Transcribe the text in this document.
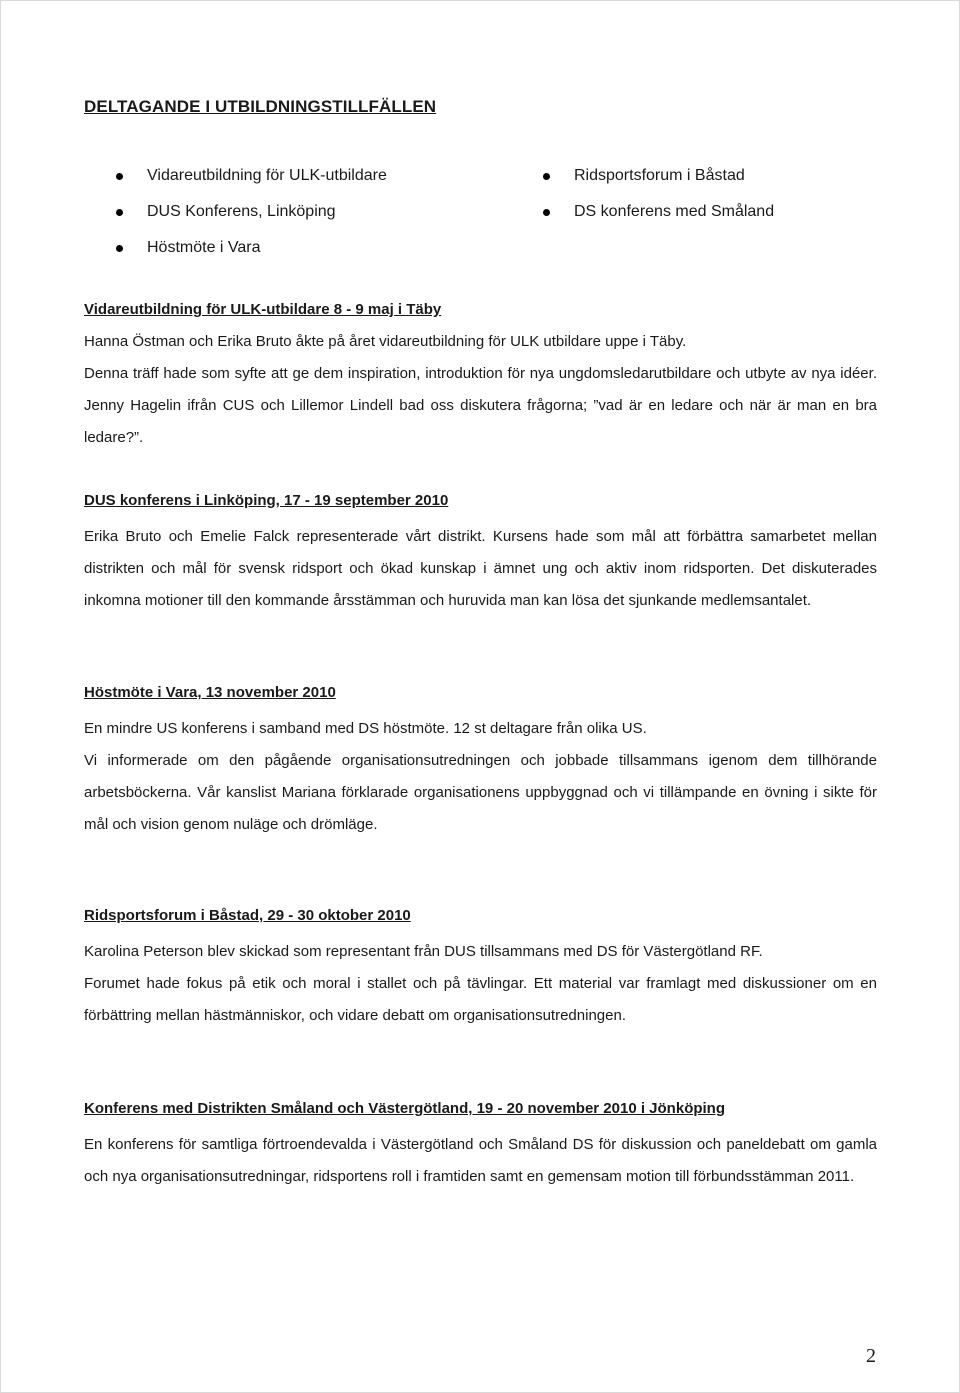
DELTAGANDE I UTBILDNINGSTILLFÄLLEN
Vidareutbildning för ULK-utbildare
DUS Konferens, Linköping
Höstmöte i Vara
Ridsportsforum i Båstad
DS konferens med Småland
Vidareutbildning för ULK-utbildare 8 - 9 maj i Täby

Hanna Östman och Erika Bruto åkte på året vidareutbildning för ULK utbildare uppe i Täby.

Denna träff hade som syfte att ge dem inspiration, introduktion för nya ungdomsledarutbildare och utbyte av nya idéer. Jenny Hagelin ifrån CUS och Lillemor Lindell bad oss diskutera frågorna; ”vad är en ledare och när är man en bra ledare?”.

DUS konferens i Linköping, 17 - 19 september 2010

Erika Bruto och Emelie Falck representerade vårt distrikt. Kursens hade som mål att förbättra samarbetet mellan distrikten och mål för svensk ridsport och ökad kunskap i ämnet ung och aktiv inom ridsporten. Det diskuterades inkomna motioner till den kommande årsstämman och huruvida man kan lösa det sjunkande medlemsantalet.

Höstmöte i Vara, 13 november 2010

En mindre US konferens i samband med DS höstmöte. 12 st deltagare från olika US.

Vi informerade om den pågående organisationsutredningen och jobbade tillsammans igenom dem tillhörande arbetsböckerna. Vår kanslist Mariana förklarade organisationens uppbyggnad och vi tillämpande en övning i sikte för mål och vision genom nuläge och drömläge.

Ridsportsforum i Båstad, 29 - 30 oktober 2010

Karolina Peterson blev skickad som representant från DUS tillsammans med DS för Västergötland RF.

Forumet hade fokus på etik och moral i stallet och på tävlingar. Ett material var framlagt med diskussioner om en förbättring mellan hästmänniskor, och vidare debatt om organisationsutredningen.

Konferens med Distrikten Småland och Västergötland, 19 - 20 november 2010 i Jönköping

En konferens för samtliga förtroendevalda i Västergötland och Småland DS för diskussion och paneldebatt om gamla och nya organisationsutredningar, ridsportens roll i framtiden samt en gemensam motion till förbundsstämman 2011.

2
